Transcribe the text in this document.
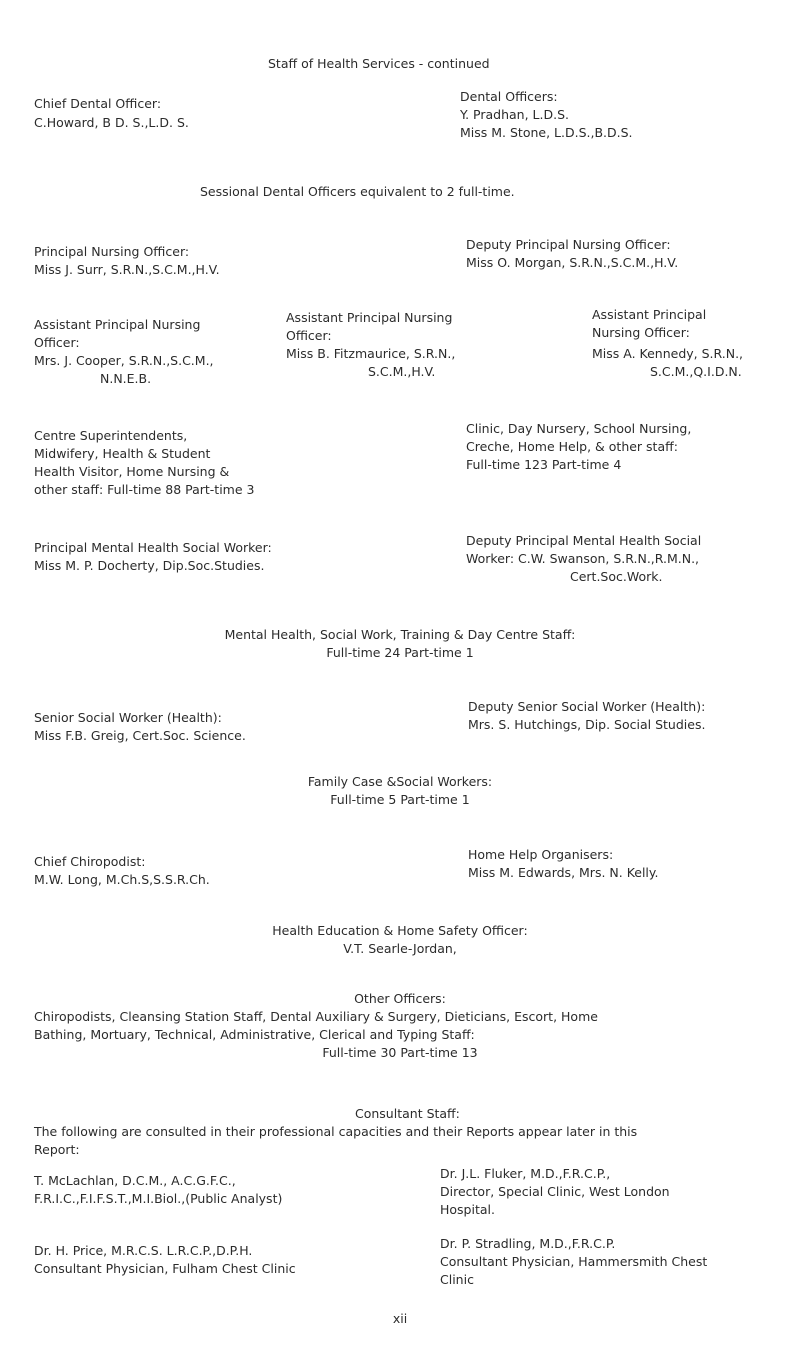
Staff of Health Services - continued

Chief Dental Officer:

C.Howard, B D. S.,L.D. S.

Dental Officers:

Y. Pradhan, L.D.S.

Miss M. Stone, L.D.S.,B.D.S.

Sessional Dental Officers equivalent to 2 full-time.

Principal Nursing Officer:

Miss J. Surr, S.R.N.,S.C.M.,H.V.

Deputy Principal Nursing Officer:

Miss O. Morgan, S.R.N.,S.C.M.,H.V.

Assistant Principal Nursing

Officer:

Mrs. J. Cooper, S.R.N.,S.C.M.,

N.N.E.B.

Assistant Principal Nursing

Officer:

Miss B. Fitzmaurice, S.R.N.,

S.C.M.,H.V.

Assistant Principal

Nursing Officer:

Miss A. Kennedy, S.R.N.,

S.C.M.,Q.I.D.N.

Centre Superintendents,

Midwifery, Health & Student

Health Visitor, Home Nursing &

other staff: Full-time 88 Part-time 3

Clinic, Day Nursery, School Nursing,

Creche, Home Help, & other staff:

Full-time 123 Part-time 4

Principal Mental Health Social Worker:

Miss M. P. Docherty, Dip.Soc.Studies.

Deputy Principal Mental Health Social

Worker: C.W. Swanson, S.R.N.,R.M.N.,

Cert.Soc.Work.

Mental Health, Social Work, Training & Day Centre Staff:

Full-time 24 Part-time 1

Senior Social Worker (Health):

Miss F.B. Greig, Cert.Soc. Science.

Deputy Senior Social Worker (Health):

Mrs. S. Hutchings, Dip. Social Studies.

Family Case &Social Workers:

Full-time 5 Part-time 1

Chief Chiropodist:

M.W. Long, M.Ch.S,S.S.R.Ch.

Home Help Organisers:

Miss M. Edwards, Mrs. N. Kelly.

Health Education & Home Safety Officer:

V.T. Searle-Jordan,

Other Officers:

Chiropodists, Cleansing Station Staff, Dental Auxiliary & Surgery, Dieticians, Escort, Home

Bathing, Mortuary, Technical, Administrative, Clerical and Typing Staff:

Full-time 30 Part-time 13

Consultant Staff:

The following are consulted in their professional capacities and their Reports appear later in this

Report:

T. McLachlan, D.C.M., A.C.G.F.C.,

F.R.I.C.,F.I.F.S.T.,M.I.Biol.,(Public Analyst)

Dr. J.L. Fluker, M.D.,F.R.C.P.,

Director, Special Clinic, West London

Hospital.

Dr. H. Price, M.R.C.S. L.R.C.P.,D.P.H.

Consultant Physician, Fulham Chest Clinic

Dr. P. Stradling, M.D.,F.R.C.P.

Consultant Physician, Hammersmith Chest

Clinic

xii
